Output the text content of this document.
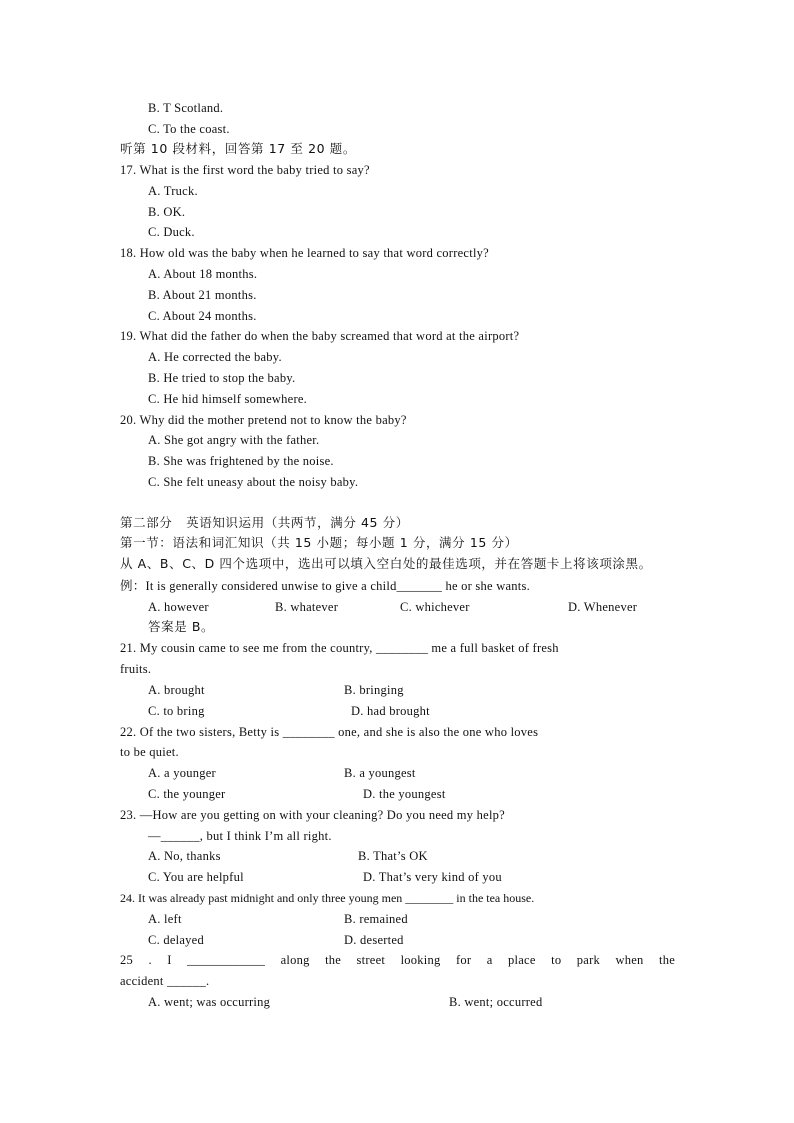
B. T Scotland.
C. To the coast.
听第 10 段材料，回答第 17 至 20 题。
17. What is the first word the baby tried to say?
A. Truck.
B. OK.
C. Duck.
18. How old was the baby when he learned to say that word correctly?
A. About 18 months.
B. About 21 months.
C. About 24 months.
19. What did the father do when the baby screamed that word at the airport?
A. He corrected the baby.
B. He tried to stop the baby.
C. He hid himself somewhere.
20. Why did the mother pretend not to know the baby?
A. She got angry with the father.
B. She was frightened by the noise.
C. She felt uneasy about the noisy baby.
第二部分   英语知识运用（共两节，满分 45 分）
第一节：语法和词汇知识（共 15 小题；每小题 1 分，满分 15 分）
从 A、B、C、D 四个选项中，选出可以填入空白处的最佳选项，并在答题卡上将该项涂黑。
例：It is generally considered unwise to give a child_______ he or she wants.
A. however	B. whatever	C. whichever	D. Whenever
答案是 B。
21. My cousin came to see me from the country, ________ me a full basket of fresh
fruits.
A. brought	B. bringing
C. to bring	D. had brought
22. Of the two sisters, Betty is ________ one, and she is also the one who loves
to be quiet.
A. a younger	B. a youngest
C. the younger	D. the youngest
23. —How are you getting on with your cleaning? Do you need my help?
—______, but I think I’m all right.
A. No, thanks	B. That’s OK
C. You are helpful	D. That’s very kind of you
24. It was already past midnight and only three young men ________ in the tea house.
A. left	B. remained
C. delayed	D. deserted
25 . I ____________ along the street looking for a place to park when the
accident ______.
A. went; was occurring	B. went; occurred
